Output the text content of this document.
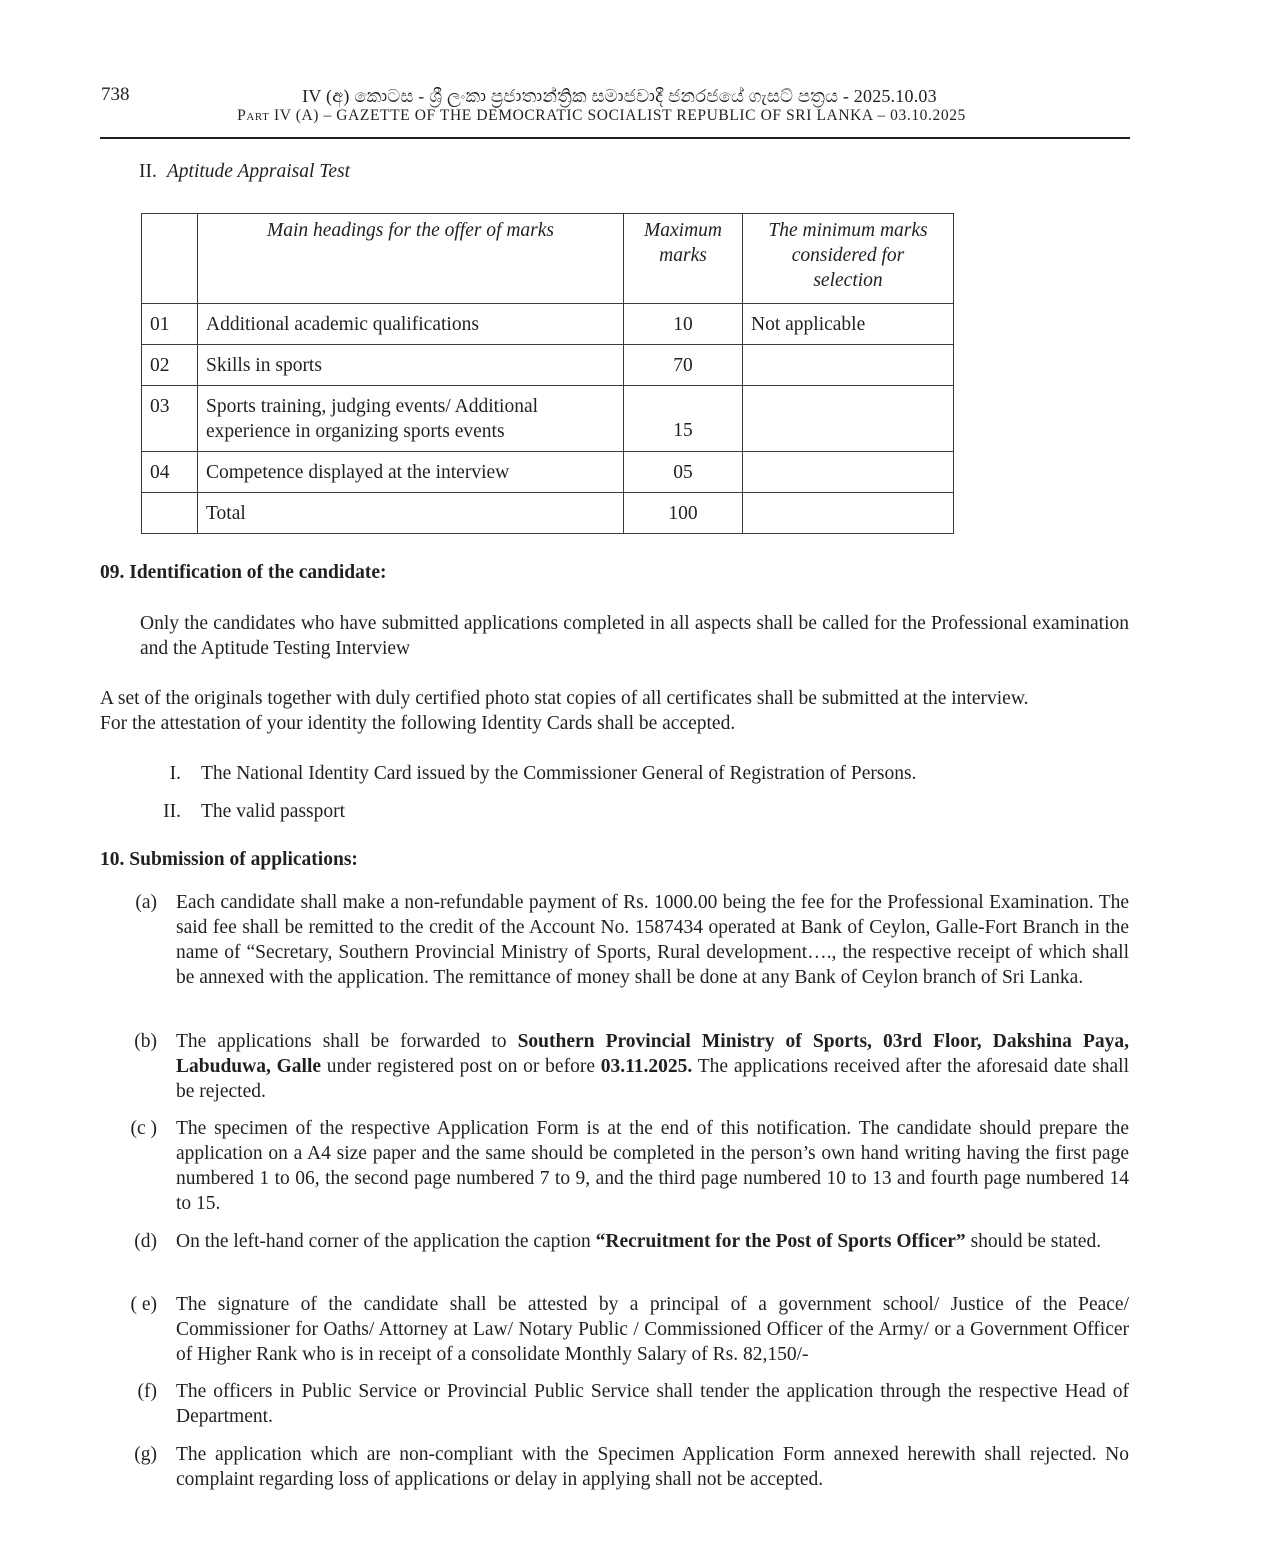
738	IV (අ) කොටස - ශ්‍රී ලංකා ප්‍රජාතාන්ත්‍රික සමාජවාදී ජනරජයේ ගැසට් පත්‍රය - 2025.10.03
Part IV (A) – GAZETTE OF THE DEMOCRATIC SOCIALIST REPUBLIC OF SRI LANKA – 03.10.2025
II. Aptitude Appraisal Test
	Main headings for the offer of marks	Maximum marks	The minimum marks considered for selection

01	Additional academic qualifications	10	Not applicable
02	Skills in sports	70	
03	Sports training, judging events/ Additional experience in organizing sports events	15	
04	Competence displayed at the interview	05	
	Total	100	
09. Identification of the candidate:
Only the candidates who have submitted applications completed in all aspects shall be called for the Professional examination and the Aptitude Testing Interview
A set of the originals together with duly certified photo stat copies of all certificates shall be submitted at the interview.
For the attestation of your identity the following Identity Cards shall be accepted.
I. The National Identity Card issued by the Commissioner General of Registration of Persons.
II. The valid passport
10. Submission of applications:
(a) Each candidate shall make a non-refundable payment of Rs. 1000.00 being the fee for the Professional Examination. The said fee shall be remitted to the credit of the Account No. 1587434 operated at Bank of Ceylon, Galle-Fort Branch in the name of “Secretary, Southern Provincial Ministry of Sports, Rural development…., the respective receipt of which shall be annexed with the application. The remittance of money shall be done at any Bank of Ceylon branch of Sri Lanka.
(b) The applications shall be forwarded to Southern Provincial Ministry of Sports, 03rd Floor, Dakshina Paya, Labuduwa, Galle under registered post on or before 03.11.2025. The applications received after the aforesaid date shall be rejected.
(c ) The specimen of the respective Application Form is at the end of this notification. The candidate should prepare the application on a A4 size paper and the same should be completed in the person’s own hand writing having the first page numbered 1 to 06, the second page numbered 7 to 9, and the third page numbered 10 to 13 and fourth page numbered 14 to 15.
(d) On the left-hand corner of the application the caption “Recruitment for the Post of Sports Officer” should be stated.
( e) The signature of the candidate shall be attested by a principal of a government school/ Justice of the Peace/ Commissioner for Oaths/ Attorney at Law/ Notary Public / Commissioned Officer of the Army/ or a Government Officer of Higher Rank who is in receipt of a consolidate Monthly Salary of Rs. 82,150/-
(f) The officers in Public Service or Provincial Public Service shall tender the application through the respective Head of Department.
(g) The application which are non-compliant with the Specimen Application Form annexed herewith shall rejected. No complaint regarding loss of applications or delay in applying shall not be accepted.
